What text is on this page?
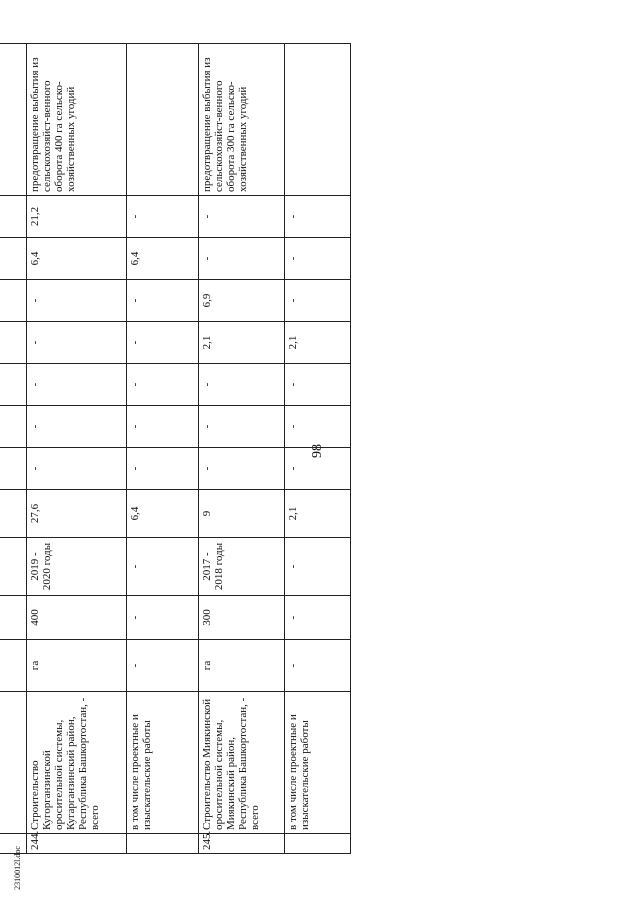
98
2310012l.doc

244.	Строительство Кугорганзинской оросительной системы, Кугарганзинский район, Республика Башкортостан, - всего	га	400	2019 - 2020 годы	27,6	-	-	-	-	-	6,4	21,2	предотвращение выбытия из сельскохозяйст-венного оборота 400 га сельско-хозяйственных угодий
	в том числе проектные и изыскательские работы	-	-	-	6,4	-	-	-	-	-	6,4	-	
245.	Строительство Миякинской оросительной системы, Миякинский район, Республика Башкортостан, - всего	га	300	2017 - 2018 годы	9	-	-	-	2,1	6,9	-	-	предотвращение выбытия из сельскохозяйст-венного оборота 300 га сельско-хозяйственных угодий
	в том числе проектные и изыскательские работы	-	-	-	2,1	-	-	-	2,1	-	-	-	
